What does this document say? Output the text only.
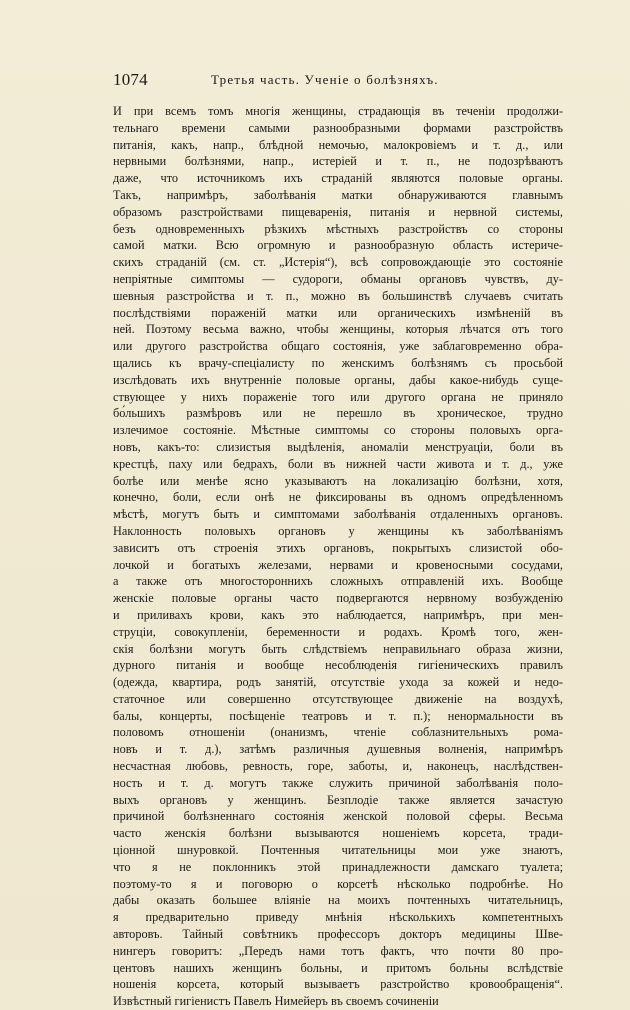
1074	Третья часть. Ученіе о болѣзняхъ.
И при всемъ томъ многія женщины, страдающія въ теченіи продолжи-
тельнаго времени самыми разнообразными формами разстройствъ
питанія, какъ, напр., блѣдной немочью, малокровіемъ и т. д., или
нервными болѣзнями, напр., истеріей и т. п., не подозрѣваютъ
даже, что источникомъ ихъ страданій являются половые органы.
Такъ, напримѣръ, заболѣванія матки обнаруживаются главнымъ
образомъ разстройствами пищеваренія, питанія и нервной системы,
безъ одновременныхъ рѣзкихъ мѣстныхъ разстройствъ со стороны
самой матки. Всю огромную и разнообразную область истериче-
скихъ страданій (см. ст. „Истерія“), всѣ сопровождающіе это состояніе
непріятные симптомы — судороги, обманы органовъ чувствъ, ду-
шевныя разстройства и т. п., можно въ большинствѣ случаевъ считать
послѣдствіями пораженій матки или органическихъ измѣненій въ
ней. Поэтому весьма важно, чтобы женщины, которыя лѣчатся отъ того
или другого разстройства общаго состоянія, уже заблаговременно обра-
щались къ врачу-спеціалисту по женскимъ болѣзнямъ съ просьбой
изслѣдовать ихъ внутренніе половые органы, дабы какое-нибудь суще-
ствующее у нихъ пораженіе того или другого органа не приняло
бо́льшихъ размѣровъ или не перешло въ хроническое, трудно
излечимое состояніе. Мѣстные симптомы со стороны половыхъ орга-
новъ, какъ-то: слизистыя выдѣленія, аномаліи менструаціи, боли въ
крестцѣ, паху или бедрахъ, боли въ нижней части живота и т. д., уже
болѣе или менѣе ясно указываютъ на локализацію болѣзни, хотя,
конечно, боли, если онѣ не фиксированы въ одномъ опредѣленномъ
мѣстѣ, могутъ быть и симптомами заболѣванія отдаленныхъ органовъ.
Наклонность половыхъ органовъ у женщины къ заболѣваніямъ
зависитъ отъ строенія этихъ органовъ, покрытыхъ слизистой обо-
лочкой и богатыхъ железами, нервами и кровеносными сосудами,
а также отъ многостороннихъ сложныхъ отправленій ихъ. Вообще
женскіе половые органы часто подвергаются нервному возбужденію
и приливахъ крови, какъ это наблюдается, напримѣръ, при мен-
струціи, совокупленіи, беременности и родахъ. Кромѣ того, жен-
скія болѣзни могутъ быть слѣдствіемъ неправильнаго образа жизни,
дурного питанія и вообще несоблюденія гигіеническихъ правилъ
(одежда, квартира, родъ занятій, отсутствіе ухода за кожей и недо-
статочное или совершенно отсутствующее движеніе на воздухѣ,
балы, концерты, посѣщеніе театровъ и т. п.); ненормальности въ
половомъ отношеніи (онанизмъ, чтеніе соблазнительныхъ рома-
новъ и т. д.), затѣмъ различныя душевныя волненія, напримѣръ
несчастная любовь, ревность, горе, заботы, и, наконецъ, наслѣдствен-
ность и т. д. могутъ также служить причиной заболѣванія поло-
выхъ органовъ у женщинъ. Безплодіе также является зачастую
причиной болѣзненнаго состоянія женской половой сферы. Весьма
часто женскія болѣзни вызываются ношеніемъ корсета, тради-
ціонной шнуровкой. Почтенныя читательницы мои уже знаютъ,
что я не поклонникъ этой принадлежности дамскаго туалета;
поэтому-то я и поговорю о корсетѣ нѣсколько подробнѣе. Но
дабы оказать большее вліяніе на моихъ почтенныхъ читательницъ,
я предварительно приведу мнѣнія нѣсколькихъ компетентныхъ
авторовъ. Тайный совѣтникъ профессоръ докторъ медицины Шве-
нингеръ говоритъ: „Передъ нами тотъ фактъ, что почти 80 про-
центовъ нашихъ женщинъ больны, и притомъ больны вслѣдствіе
ношенія корсета, который вызываетъ разстройство кровообращенія“.
Извѣстный гигіенистъ Павелъ Нимейеръ въ своемъ сочиненіи
